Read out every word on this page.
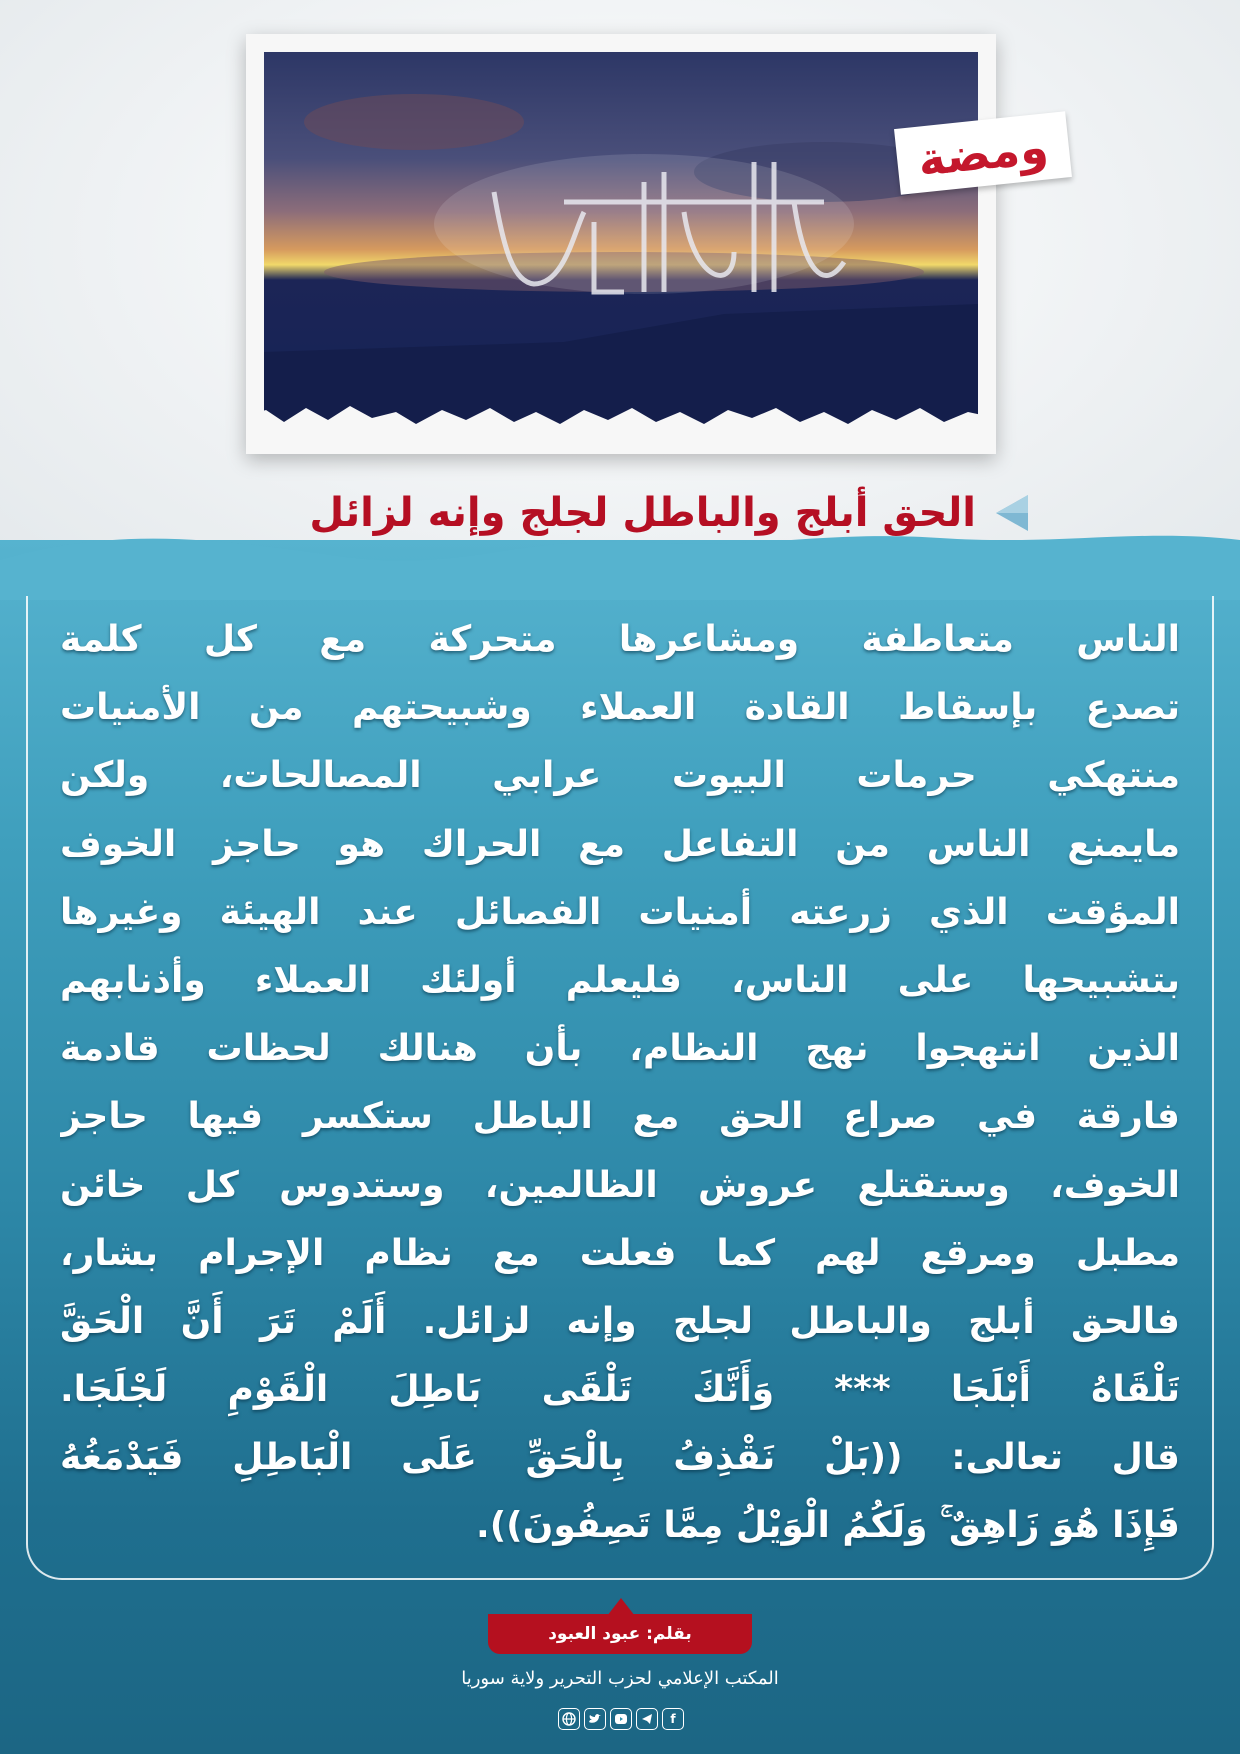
ومضة
الحق أبلج والباطل لجلج وإنه لزائل
الناس متعاطفة ومشاعرها متحركة مع كل كلمة
تصدع بإسقاط القادة العملاء وشبيحتهم من الأمنيات
منتهكي حرمات البيوت عرابي المصالحات، ولكن
مايمنع الناس من التفاعل مع الحراك هو حاجز الخوف
المؤقت الذي زرعته أمنيات الفصائل عند الهيئة وغيرها
بتشبيحها على الناس، فليعلم أولئك العملاء وأذنابهم
الذين انتهجوا نهج النظام، بأن هنالك لحظات قادمة
فارقة في صراع الحق مع الباطل ستكسر فيها حاجز
الخوف، وستقتلع عروش الظالمين، وستدوس كل خائن
مطبل ومرقع لهم كما فعلت مع نظام الإجرام بشار،
فالحق أبلج والباطل لجلج وإنه لزائل. أَلَمْ تَرَ أَنَّ الْحَقَّ
تَلْقَاهُ أَبْلَجَا *** وَأَنَّكَ تَلْقَى بَاطِلَ الْقَوْمِ لَجْلَجَا.
قال تعالى: ((بَلْ نَقْذِفُ بِالْحَقِّ عَلَى الْبَاطِلِ فَيَدْمَغُهُ
فَإِذَا هُوَ زَاهِقٌ ۚ وَلَكُمُ الْوَيْلُ مِمَّا تَصِفُونَ)).
بقلم: عبود العبود
المكتب الإعلامي لحزب التحرير ولاية سوريا
f
